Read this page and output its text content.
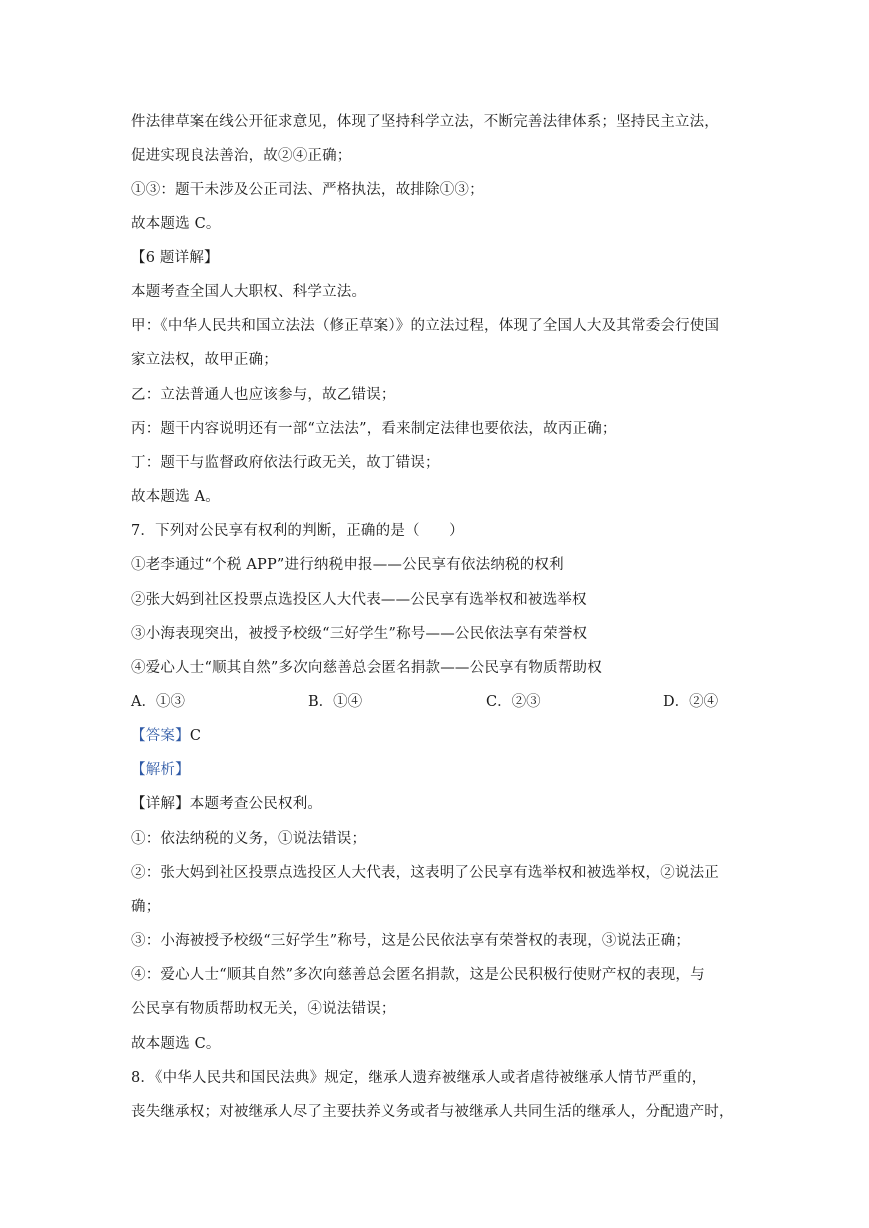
件法律草案在线公开征求意见，体现了坚持科学立法，不断完善法律体系；坚持民主立法，
促进实现良法善治，故②④正确；
①③：题干未涉及公正司法、严格执法，故排除①③；
故本题选 C。
【6 题详解】
本题考查全国人大职权、科学立法。
甲：《中华人民共和国立法法（修正草案）》的立法过程，体现了全国人大及其常委会行使国
家立法权，故甲正确；
乙：立法普通人也应该参与，故乙错误；
丙：题干内容说明还有一部“立法法”，看来制定法律也要依法，故丙正确；
丁：题干与监督政府依法行政无关，故丁错误；
故本题选 A。
7．下列对公民享有权利的判断，正确的是（　　）
①老李通过“个税 APP”进行纳税申报——公民享有依法纳税的权利
②张大妈到社区投票点选投区人大代表——公民享有选举权和被选举权
③小海表现突出，被授予校级“三好学生”称号——公民依法享有荣誉权
④爱心人士“顺其自然”多次向慈善总会匿名捐款——公民享有物质帮助权
A．①③	B．①④	C．②③	D．②④
【答案】C
【解析】
【详解】本题考查公民权利。
①：依法纳税的义务，①说法错误；
②：张大妈到社区投票点选投区人大代表，这表明了公民享有选举权和被选举权，②说法正
确；
③：小海被授予校级“三好学生”称号，这是公民依法享有荣誉权的表现，③说法正确；
④：爱心人士“顺其自然”多次向慈善总会匿名捐款，这是公民积极行使财产权的表现，与
公民享有物质帮助权无关，④说法错误；
故本题选 C。
8．《中华人民共和国民法典》规定，继承人遗弃被继承人或者虐待被继承人情节严重的，
丧失继承权；对被继承人尽了主要扶养义务或者与被继承人共同生活的继承人，分配遗产时，
